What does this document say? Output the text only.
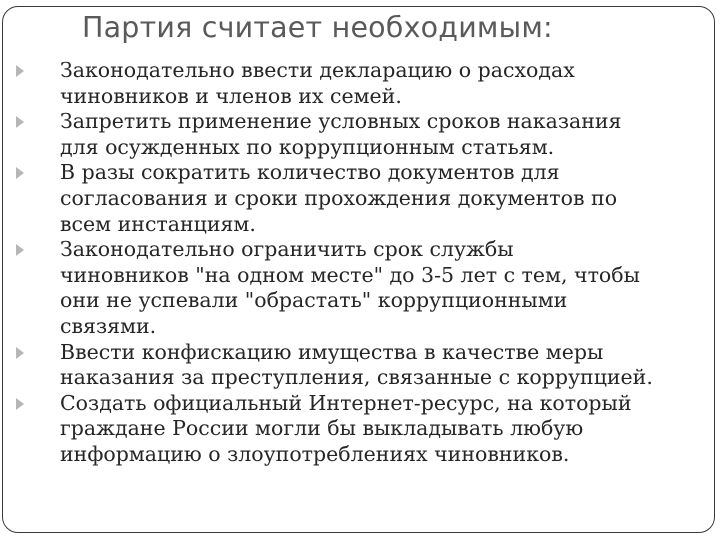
Партия считает необходимым:
Законодательно ввести декларацию о расходах
чиновников и членов их семей.
Запретить применение условных сроков наказания
для осужденных по коррупционным статьям.
В разы сократить количество документов для
согласования и сроки прохождения документов по
всем инстанциям.
Законодательно ограничить срок службы
чиновников "на одном месте" до 3-5 лет с тем, чтобы
они не успевали "обрастать" коррупционными
связями.
Ввести конфискацию имущества в качестве меры
наказания за преступления, связанные с коррупцией.
Создать официальный Интернет-ресурс, на который
граждане России могли бы выкладывать любую
информацию о злоупотреблениях чиновников.
